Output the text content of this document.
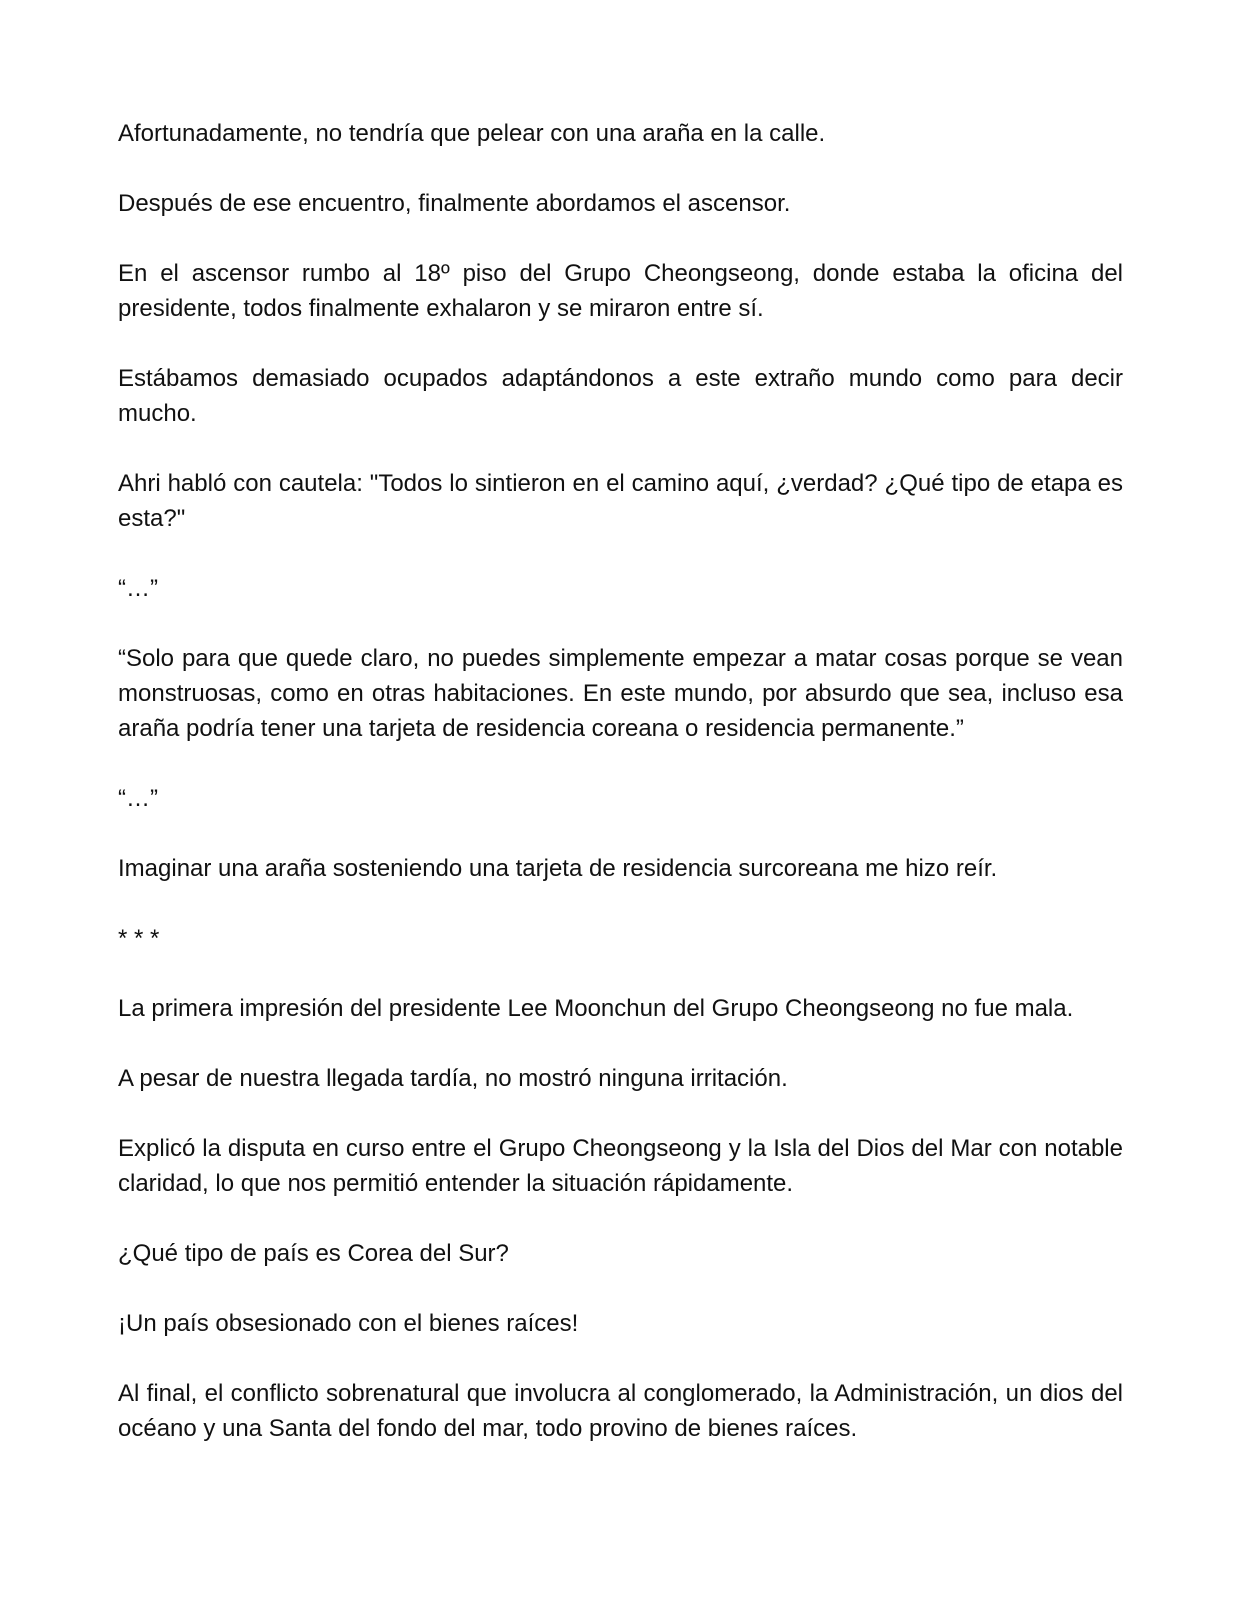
Afortunadamente, no tendría que pelear con una araña en la calle.

Después de ese encuentro, finalmente abordamos el ascensor.

En el ascensor rumbo al 18º piso del Grupo Cheongseong, donde estaba la oficina del presidente, todos finalmente exhalaron y se miraron entre sí.

Estábamos demasiado ocupados adaptándonos a este extraño mundo como para decir mucho.

Ahri habló con cautela: "Todos lo sintieron en el camino aquí, ¿verdad? ¿Qué tipo de etapa es esta?"

“…”

“Solo para que quede claro, no puedes simplemente empezar a matar cosas porque se vean monstruosas, como en otras habitaciones. En este mundo, por absurdo que sea, incluso esa araña podría tener una tarjeta de residencia coreana o residencia permanente.”

“…”

Imaginar una araña sosteniendo una tarjeta de residencia surcoreana me hizo reír.

* * *

La primera impresión del presidente Lee Moonchun del Grupo Cheongseong no fue mala.

A pesar de nuestra llegada tardía, no mostró ninguna irritación.

Explicó la disputa en curso entre el Grupo Cheongseong y la Isla del Dios del Mar con notable claridad, lo que nos permitió entender la situación rápidamente.

¿Qué tipo de país es Corea del Sur?

¡Un país obsesionado con el bienes raíces!

Al final, el conflicto sobrenatural que involucra al conglomerado, la Administración, un dios del océano y una Santa del fondo del mar, todo provino de bienes raíces.
